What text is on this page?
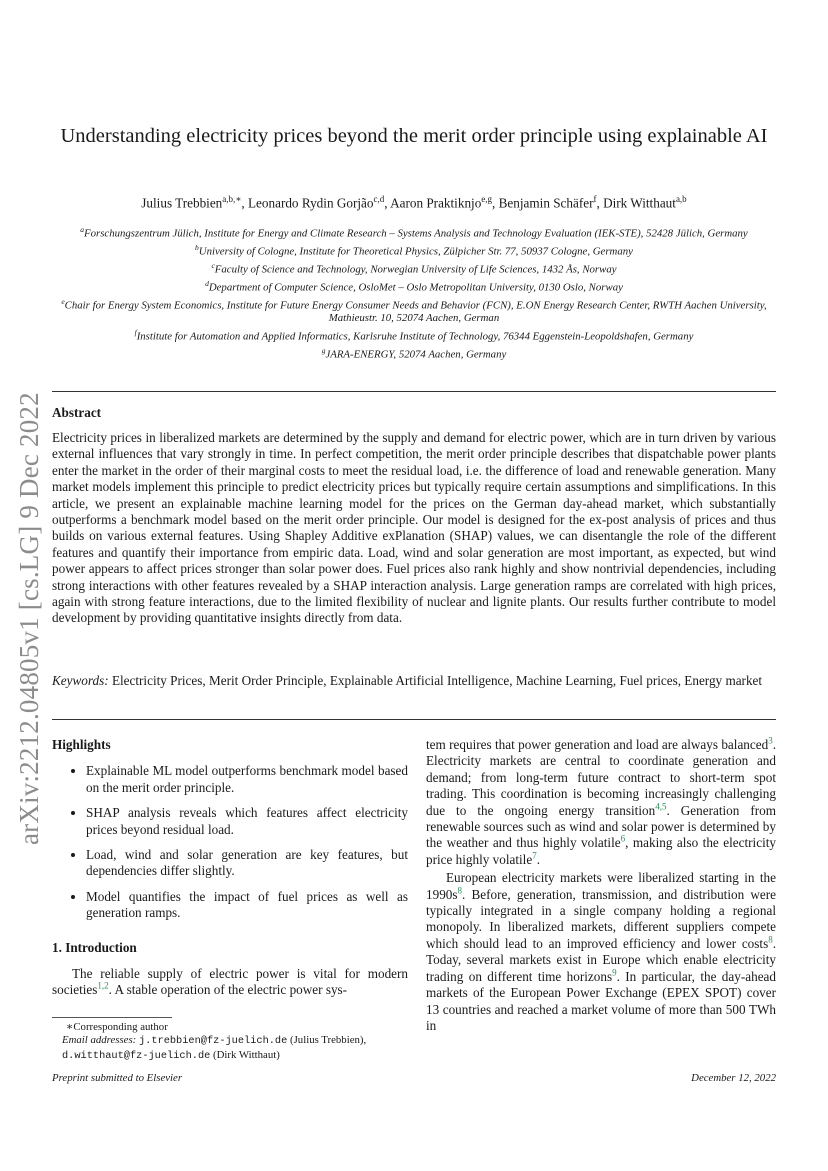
arXiv:2212.04805v1 [cs.LG] 9 Dec 2022
Understanding electricity prices beyond the merit order principle using explainable AI
Julius Trebbien$^{a,b,∗}$, Leonardo Rydin Gorjão$^{c,d}$, Aaron Praktiknjo$^{e,g}$, Benjamin Schäfer$^f$, Dirk Witthaut$^{a,b}$
$^a$Forschungszentrum Jülich, Institute for Energy and Climate Research – Systems Analysis and Technology Evaluation (IEK-STE), 52428 Jülich, Germany
$^b$University of Cologne, Institute for Theoretical Physics, Zülpicher Str. 77, 50937 Cologne, Germany
$^c$Faculty of Science and Technology, Norwegian University of Life Sciences, 1432 Ås, Norway
$^d$Department of Computer Science, OsloMet – Oslo Metropolitan University, 0130 Oslo, Norway
$^e$Chair for Energy System Economics, Institute for Future Energy Consumer Needs and Behavior (FCN), E.ON Energy Research Center, RWTH Aachen University, Mathieustr. 10, 52074 Aachen, German
$^f$Institute for Automation and Applied Informatics, Karlsruhe Institute of Technology, 76344 Eggenstein-Leopoldshafen, Germany
$^g$JARA-ENERGY, 52074 Aachen, Germany
Abstract
Electricity prices in liberalized markets are determined by the supply and demand for electric power, which are in turn driven by various external influences that vary strongly in time. In perfect competition, the merit order principle describes that dispatchable power plants enter the market in the order of their marginal costs to meet the residual load, i.e. the difference of load and renewable generation. Many market models implement this principle to predict electricity prices but typically require certain assumptions and simplifications. In this article, we present an explainable machine learning model for the prices on the German day-ahead market, which substantially outperforms a benchmark model based on the merit order principle. Our model is designed for the ex-post analysis of prices and thus builds on various external features. Using Shapley Additive exPlanation (SHAP) values, we can disentangle the role of the different features and quantify their importance from empiric data. Load, wind and solar generation are most important, as expected, but wind power appears to affect prices stronger than solar power does. Fuel prices also rank highly and show nontrivial dependencies, including strong interactions with other features revealed by a SHAP interaction analysis. Large generation ramps are correlated with high prices, again with strong feature interactions, due to the limited flexibility of nuclear and lignite plants. Our results further contribute to model development by providing quantitative insights directly from data.
Keywords: Electricity Prices, Merit Order Principle, Explainable Artificial Intelligence, Machine Learning, Fuel prices, Energy market
Highlights
• Explainable ML model outperforms benchmark model based on the merit order principle.
• SHAP analysis reveals which features affect electricity prices beyond residual load.
• Load, wind and solar generation are key features, but dependencies differ slightly.
• Model quantifies the impact of fuel prices as well as generation ramps.
1. Introduction
The reliable supply of electric power is vital for modern societies$^{1,2}$. A stable operation of the electric power sys-

tem requires that power generation and load are always balanced$^3$. Electricity markets are central to coordinate generation and demand; from long-term future contract to short-term spot trading. This coordination is becoming increasingly challenging due to the ongoing energy transition$^{4,5}$. Generation from renewable sources such as wind and solar power is determined by the weather and thus highly volatile$^6$, making also the electricity price highly volatile$^7$.

European electricity markets were liberalized starting in the 1990s$^8$. Before, generation, transmission, and distribution were typically integrated in a single company holding a regional monopoly. In liberalized markets, different suppliers compete which should lead to an improved efficiency and lower costs$^8$. Today, several markets exist in Europe which enable electricity trading on different time horizons$^9$. In particular, the day-ahead markets of the European Power Exchange (EPEX SPOT) cover 13 countries and reached a market volume of more than 500 TWh in

∗Corresponding author
Email addresses: j.trebbien@fz-juelich.de (Julius Trebbien), d.witthaut@fz-juelich.de (Dirk Witthaut)
Preprint submitted to Elsevier	December 12, 2022
